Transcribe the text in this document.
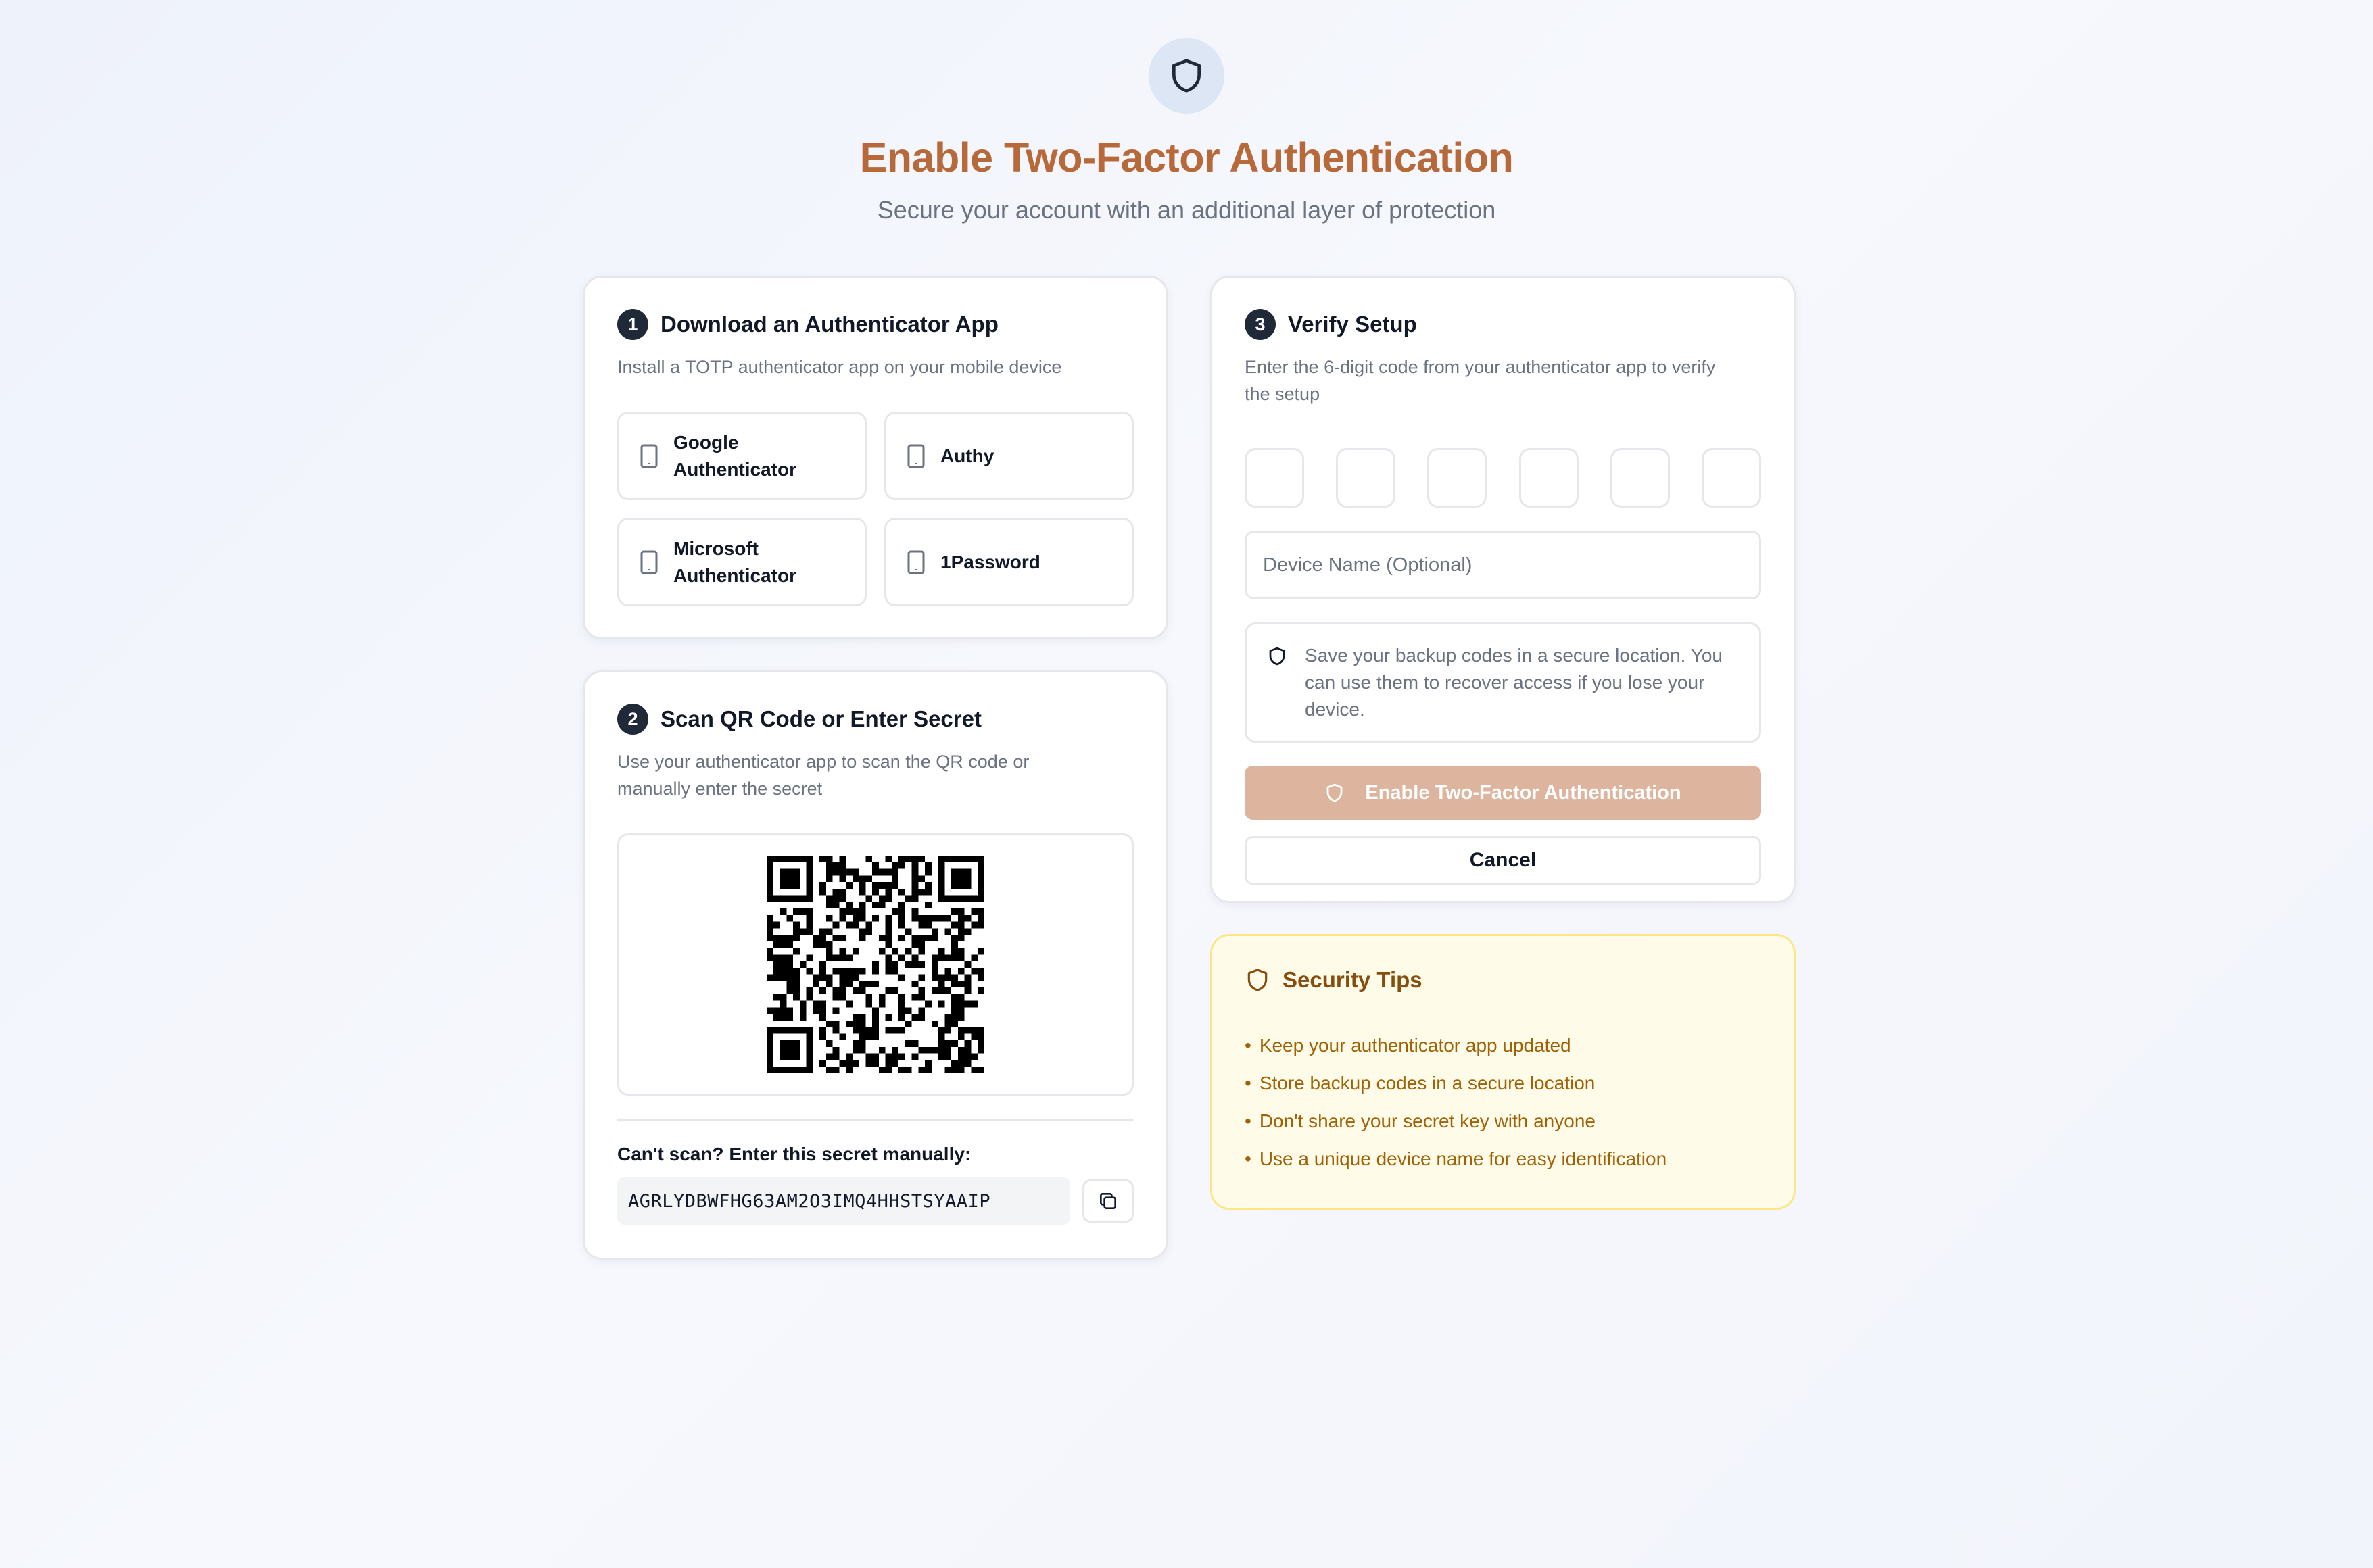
Enable Two-Factor Authentication
Secure your account with an additional layer of protection
1	Download an Authenticator App
Install a TOTP authenticator app on your mobile device
Google Authenticator
Authy
Microsoft Authenticator
1Password
2	Scan QR Code or Enter Secret
Use your authenticator app to scan the QR code or manually enter the secret
Can't scan? Enter this secret manually:
AGRLYDBWFHG63AM2O3IMQ4HHSTSYAAIP
3	Verify Setup
Enter the 6-digit code from your authenticator app to verify the setup
Device Name (Optional)
Save your backup codes in a secure location. You can use them to recover access if you lose your device.
Enable Two-Factor Authentication
Cancel
Security Tips
• Keep your authenticator app updated
• Store backup codes in a secure location
• Don't share your secret key with anyone
• Use a unique device name for easy identification
